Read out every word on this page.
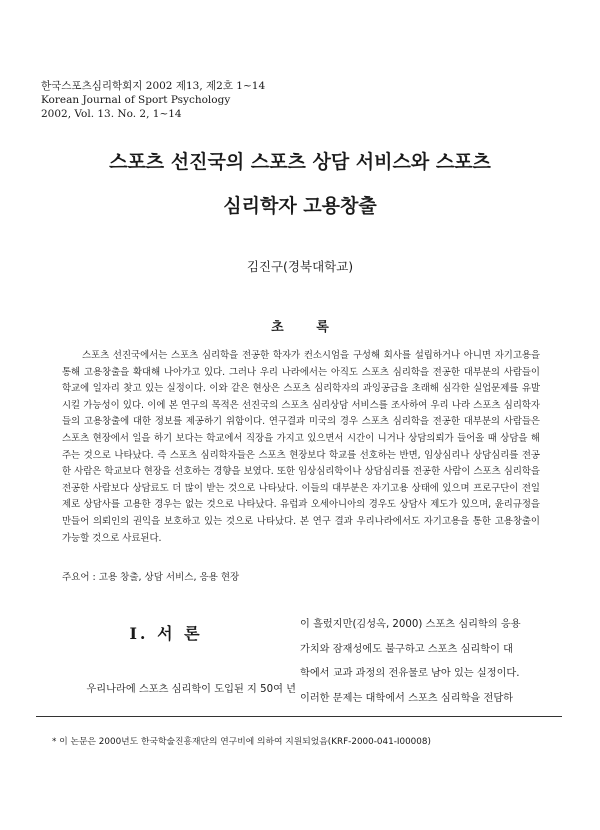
한국스포츠심리학회지 2002 제13, 제2호 1~14
Korean Journal of Sport Psychology
2002, Vol. 13. No. 2, 1~14
스포츠 선진국의 스포츠 상담 서비스와 스포츠
심리학자 고용창출
김진구(경북대학교)
초 록
스포츠 선진국에서는 스포츠 심리학을 전공한 학자가 컨소시엄을 구성해 회사를 설립하거나 아니면 자기고용을 통해 고용창출을 확대해 나아가고 있다. 그러나 우리 나라에서는 아직도 스포츠 심리학을 전공한 대부분의 사람들이 학교에 일자리 찾고 있는 실정이다. 이와 같은 현상은 스포츠 심리학자의 과잉공급을 초래해 심각한 실업문제를 유발시킬 가능성이 있다. 이에 본 연구의 목적은 선진국의 스포츠 심리상담 서비스를 조사하여 우리 나라 스포츠 심리학자들의 고용창출에 대한 정보를 제공하기 위함이다. 연구결과 미국의 경우 스포츠 심리학을 전공한 대부분의 사람들은 스포츠 현장에서 일을 하기 보다는 학교에서 직장을 가지고 있으면서 시간이 니거나 상담의뢰가 들어올 때 상담을 해 주는 것으로 나타났다. 즉 스포츠 심리학자들은 스포츠 현장보다 학교를 선호하는 반면, 임상심리나 상담심리를 전공한 사람은 학교보다 현장을 선호하는 경향을 보였다. 또한 임상심리학이나 상담심리를 전공한 사람이 스포츠 심리학을 전공한 사람보다 상담료도 더 많이 받는 것으로 나타났다. 이들의 대부분은 자기고용 상태에 있으며 프로구단이 전일제로 상담사를 고용한 경우는 없는 것으로 나타났다. 유럽과 오세아니아의 경우도 상담사 제도가 있으며, 윤리규정을 만들어 의뢰인의 권익을 보호하고 있는 것으로 나타났다. 본 연구 결과 우리나라에서도 자기고용을 통한 고용창출이 가능할 것으로 사료된다.
주요어 : 고용 창출, 상담 서비스, 응용 현장
I. 서 론
우리나라에 스포츠 심리학이 도입된 지 50여 년
이 흘렀지만(김성옥, 2000) 스포츠 심리학의 응용
가치와 잠재성에도 불구하고 스포츠 심리학이 대
학에서 교과 과정의 전유물로 남아 있는 실정이다.
이러한 문제는 대학에서 스포츠 심리학을 전담하
* 이 논문은 2000년도 한국학술진흥재단의 연구비에 의하여 지원되었음(KRF-2000-041-I00008)
